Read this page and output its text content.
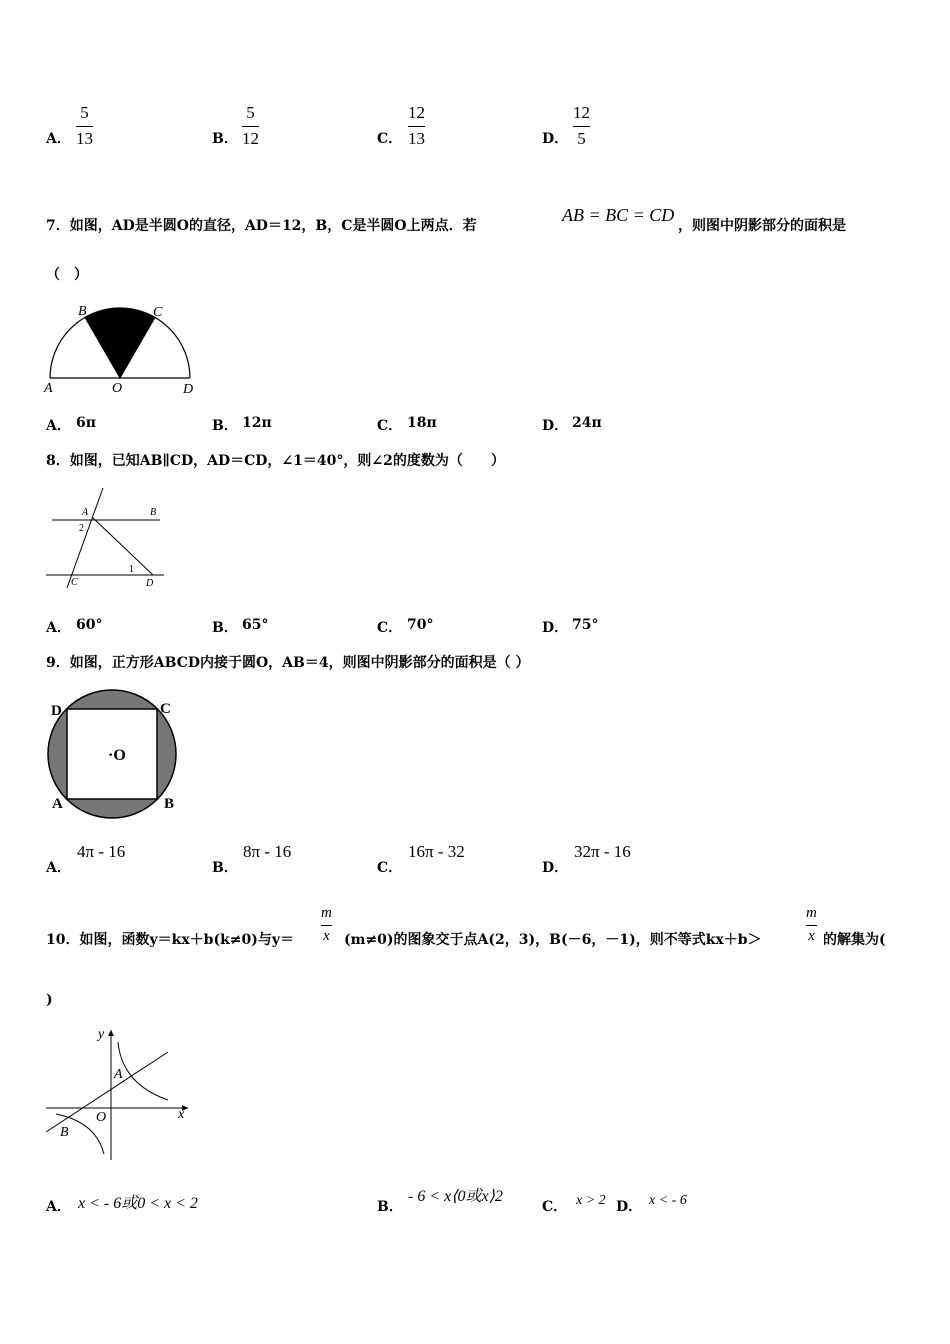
A．
5
13	B．
5
12	C．
12
13	D．
12
5
7．如图，AD是半圆O的直径，AD＝12，B，C是半圆O上两点．若
AB = BC = CD
，则图中阴影部分的面积是
（　）
B	C
A	O	D
A． 6π	B． 12π	C． 18π	D． 24π
8．如图，已知AB∥CD，AD＝CD，∠1＝40°，则∠2的度数为（　　）
A	B
2
1
C	D
A． 60°	B． 65°	C． 70°	D． 75°
9．如图，正方形ABCD内接于圆O，AB＝4，则图中阴影部分的面积是（ ）
D	C
·O
A	B
A．
4π - 16
B．
8π - 16
C．
16π - 32
D．
32π - 16
10．如图，函数y＝kx＋b(k≠0)与y＝
m
x (m≠0)的图象交于点A(2，3)，B(－6，－1)，则不等式kx＋b＞
m
x 的解集为(
)
y
A
O	x
B
A． x < - 6或0 < x < 2	B．
- 6 < x⟨0或x⟩2
C． x > 2 D． x < - 6
